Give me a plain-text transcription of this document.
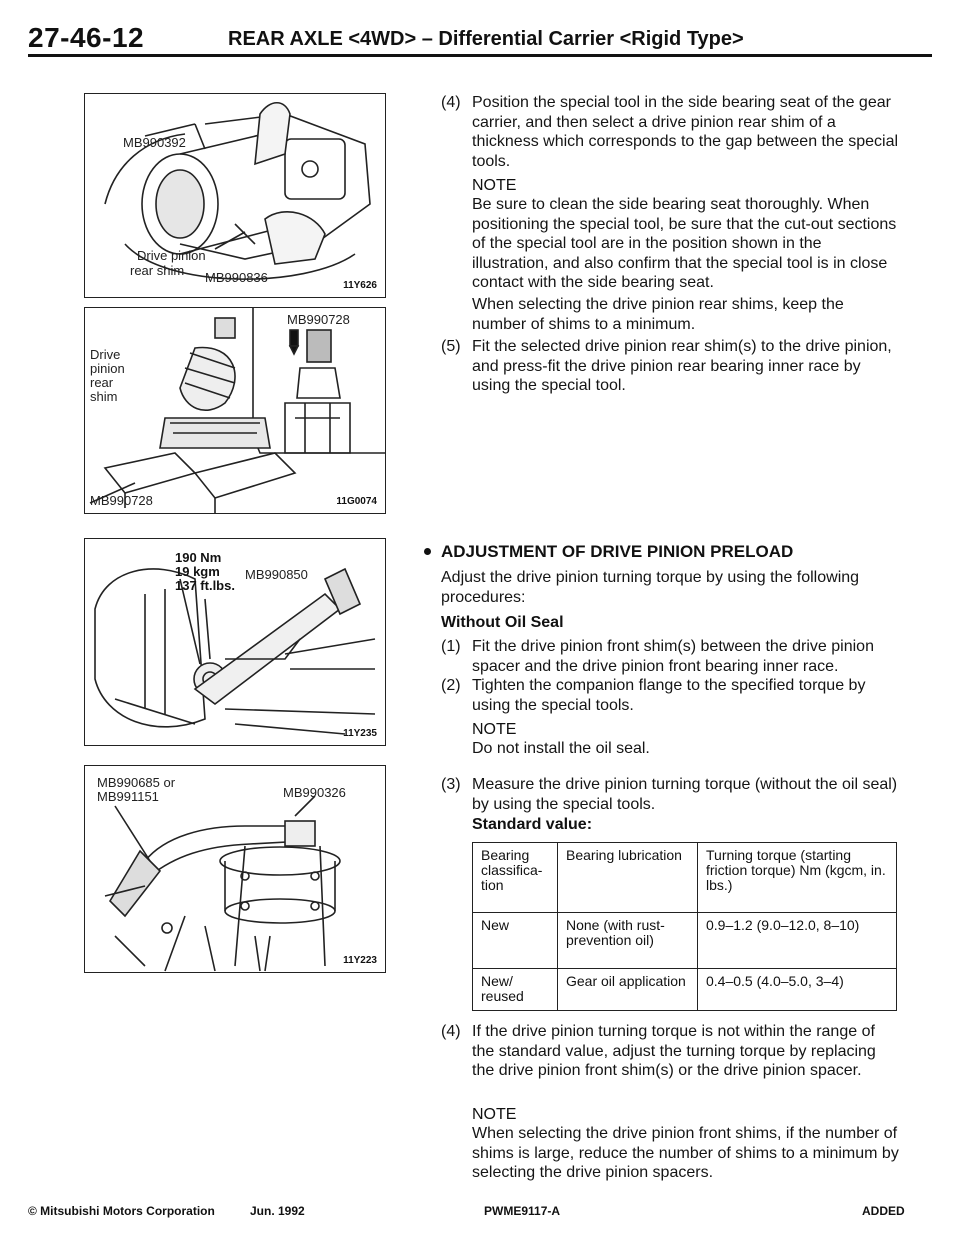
27-46-12	REAR AXLE <4WD> – Differential Carrier <Rigid Type>
MB990392
Drive pinion
rear shim MB990836
11Y626
Drive
pinion
rear
shim
MB990728
MB990728	11G0074
190 Nm
19 kgm
137 ft.lbs.
MB990850
11Y235
MB990685 or
MB991151	MB990326
11Y223
(4) Position the special tool in the side bearing seat of the gear carrier, and then select a drive pinion rear shim of a thickness which corresponds to the gap between the special tools.
NOTE
Be sure to clean the side bearing seat thoroughly. When positioning the special tool, be sure that the cut-out sections of the special tool are in the position shown in the illustration, and also confirm that the special tool is in close contact with the side bearing seat.
When selecting the drive pinion rear shims, keep the number of shims to a minimum.
(5) Fit the selected drive pinion rear shim(s) to the drive pinion, and press-fit the drive pinion rear bearing inner race by using the special tool.
ADJUSTMENT OF DRIVE PINION PRELOAD
Adjust the drive pinion turning torque by using the following procedures:
Without Oil Seal
(1) Fit the drive pinion front shim(s) between the drive pinion spacer and the drive pinion front bearing inner race.
(2) Tighten the companion flange to the specified torque by using the special tools.
NOTE
Do not install the oil seal.
(3) Measure the drive pinion turning torque (without the oil seal) by using the special tools.
Standard value:
Bearing classifica-tion	Bearing lubrication	Turning torque (starting friction torque) Nm (kgcm, in. lbs.)
New	None (with rust-prevention oil)	0.9–1.2 (9.0–12.0, 8–10)
New/ reused	Gear oil application	0.4–0.5 (4.0–5.0, 3–4)
(4) If the drive pinion turning torque is not within the range of the standard value, adjust the turning torque by replacing the drive pinion front shim(s) or the drive pinion spacer.
NOTE
When selecting the drive pinion front shims, if the number of shims is large, reduce the number of shims to a minimum by selecting the drive pinion spacers.
© Mitsubishi Motors Corporation	Jun. 1992	PWME9117-A	ADDED
